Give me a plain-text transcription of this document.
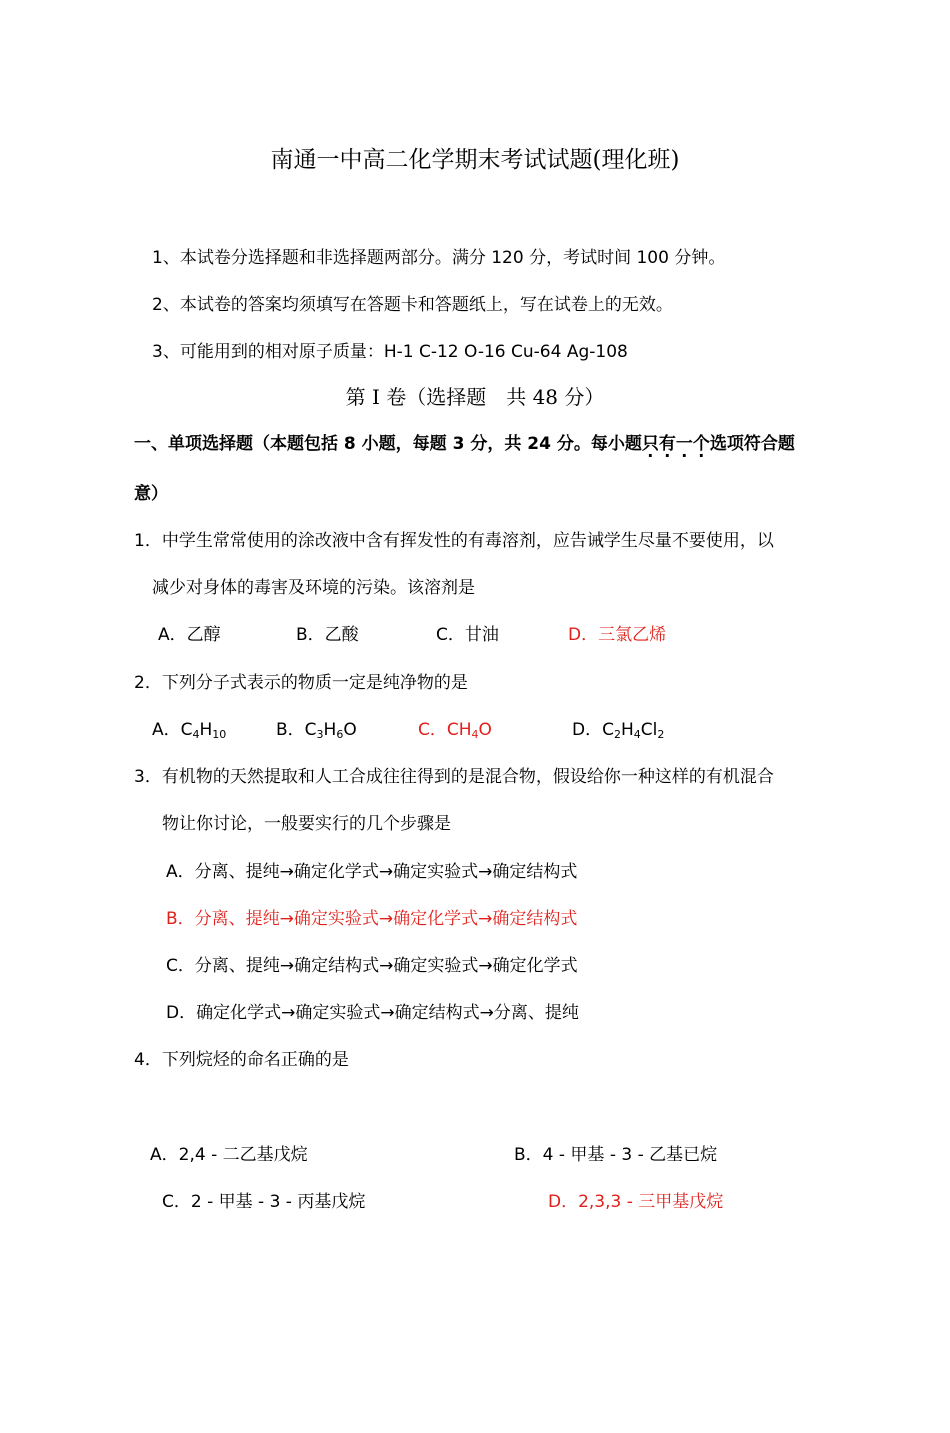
南通一中高二化学期末考试试题(理化班)
1、本试卷分选择题和非选择题两部分。满分 120 分，考试时间 100 分钟。
2、本试卷的答案均须填写在答题卡和答题纸上，写在试卷上的无效。
3、可能用到的相对原子质量：H-1 C-12 O-16 Cu-64 Ag-108
第 I 卷（选择题　共 48 分）
一、单项选择题（本题包括 8 小题，每题 3 分，共 24 分。每小题只有一个选项符合题
意）
1．中学生常常使用的涂改液中含有挥发性的有毒溶剂，应告诫学生尽量不要使用，以
减少对身体的毒害及环境的污染。该溶剂是
A．乙醇	B．乙酸	C．甘油	D．三氯乙烯
2．下列分子式表示的物质一定是纯净物的是
A．$C_4H_{10}$	B．$C_3H_6O$	C．$CH_4O$	D．$C_2H_4Cl_2$
3．有机物的天然提取和人工合成往往得到的是混合物，假设给你一种这样的有机混合
物让你讨论，一般要实行的几个步骤是
A．分离、提纯→确定化学式→确定实验式→确定结构式
B．分离、提纯→确定实验式→确定化学式→确定结构式
C．分离、提纯→确定结构式→确定实验式→确定化学式
D．确定化学式→确定实验式→确定结构式→分离、提纯
4．下列烷烃的命名正确的是
A．2,4 - 二乙基戊烷	B．4 - 甲基 - 3 - 乙基已烷
C．2 - 甲基 - 3 - 丙基戊烷	D．2,3,3 - 三甲基戊烷
